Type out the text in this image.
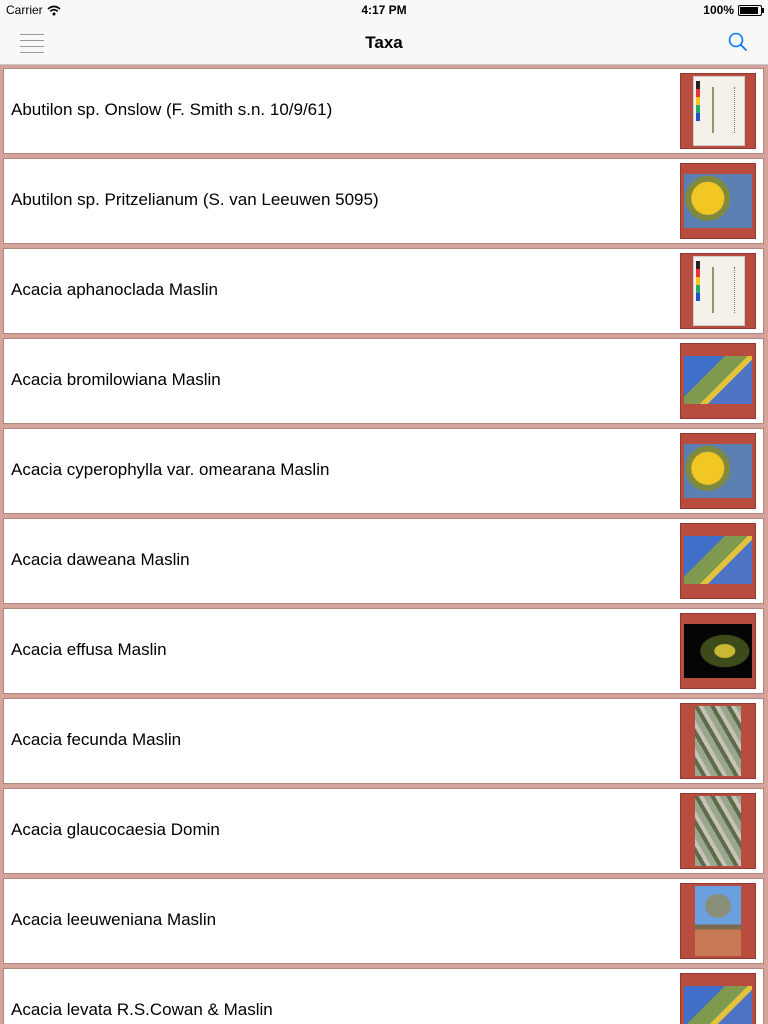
Carrier	4:17 PM	100%
Taxa
Abutilon sp. Onslow (F. Smith s.n. 10/9/61)
Abutilon sp. Pritzelianum (S. van Leeuwen 5095)
Acacia aphanoclada Maslin
Acacia bromilowiana Maslin
Acacia cyperophylla var. omearana Maslin
Acacia daweana Maslin
Acacia effusa Maslin
Acacia fecunda Maslin
Acacia glaucocaesia Domin
Acacia leeuweniana Maslin
Acacia levata R.S.Cowan & Maslin
